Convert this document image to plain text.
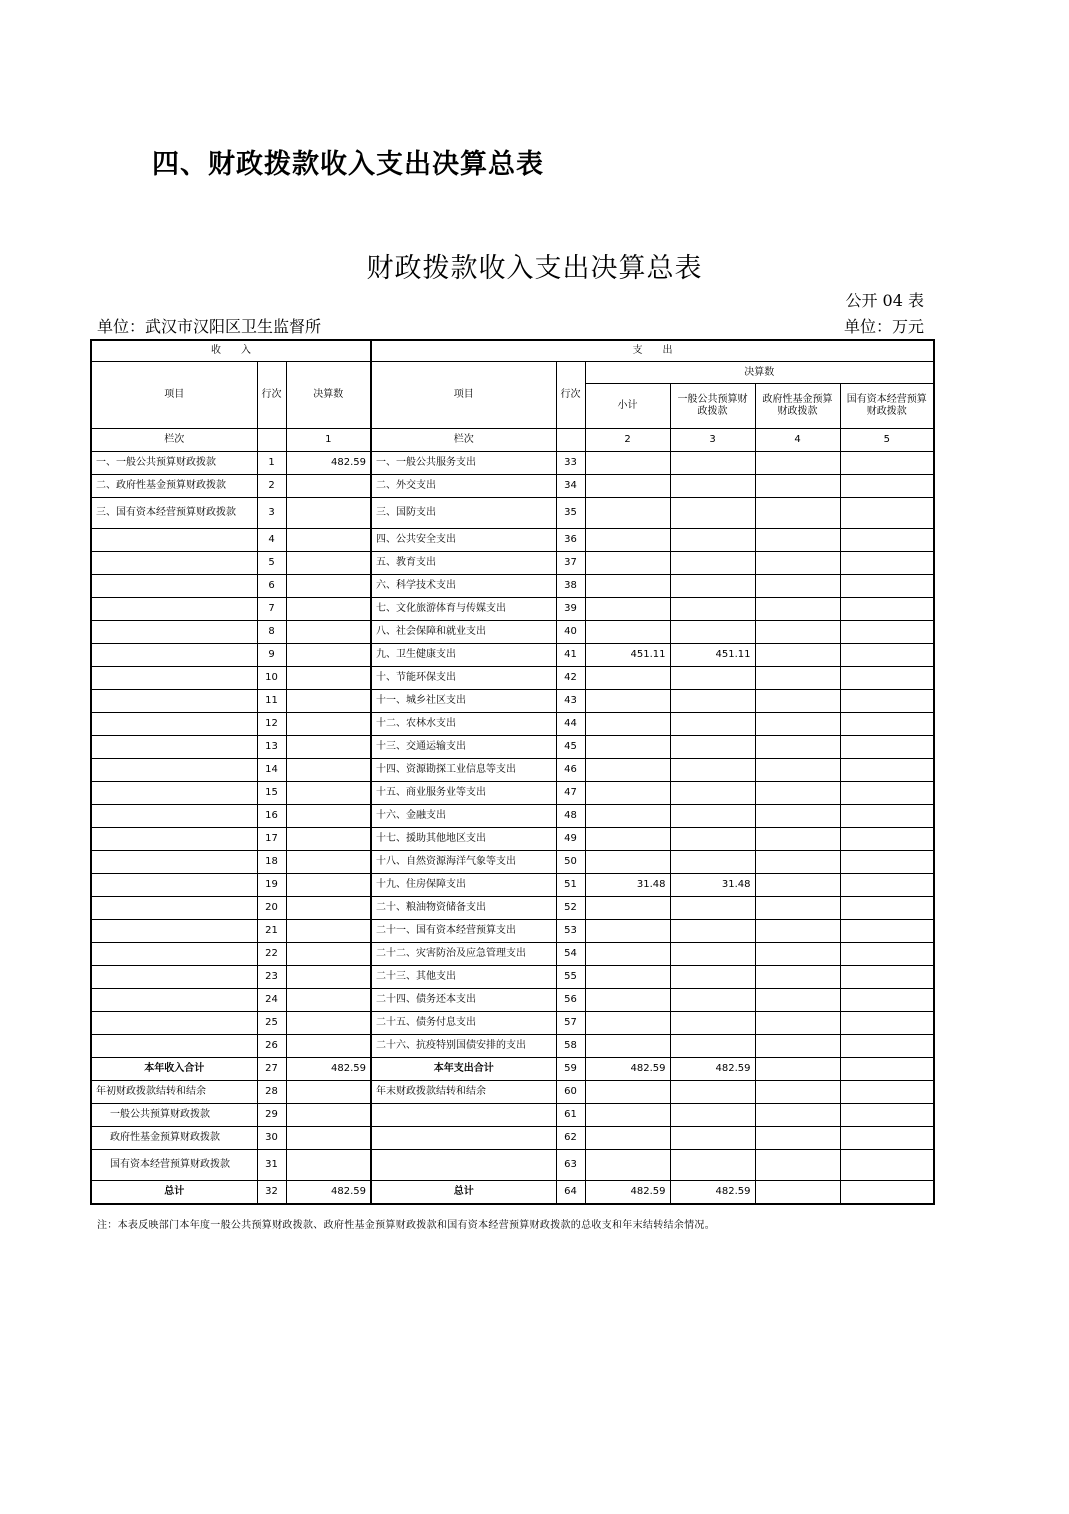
四、财政拨款收入支出决算总表
财政拨款收入支出决算总表
公开 04 表
单位：武汉市汉阳区卫生监督所	单位：万元
收　　入			支　　出					
项目	行次	决算数	项目	行次	决算数			
					小计	一般公共预算财政拨款	政府性基金预算财政拨款	国有资本经营预算财政拨款
栏次		1	栏次		2	3	4	5
一、一般公共预算财政拨款	1	482.59	一、一般公共服务支出	33				
二、政府性基金预算财政拨款	2		二、外交支出	34				
三、国有资本经营预算财政拨款	3		三、国防支出	35				
	4		四、公共安全支出	36				
	5		五、教育支出	37				
	6		六、科学技术支出	38				
	7		七、文化旅游体育与传媒支出	39				
	8		八、社会保障和就业支出	40				
	9		九、卫生健康支出	41	451.11	451.11		
	10		十、节能环保支出	42				
	11		十一、城乡社区支出	43				
	12		十二、农林水支出	44				
	13		十三、交通运输支出	45				
	14		十四、资源勘探工业信息等支出	46				
	15		十五、商业服务业等支出	47				
	16		十六、金融支出	48				
	17		十七、援助其他地区支出	49				
	18		十八、自然资源海洋气象等支出	50				
	19		十九、住房保障支出	51	31.48	31.48		
	20		二十、粮油物资储备支出	52				
	21		二十一、国有资本经营预算支出	53				
	22		二十二、灾害防治及应急管理支出	54				
	23		二十三、其他支出	55				
	24		二十四、债务还本支出	56				
	25		二十五、债务付息支出	57				
	26		二十六、抗疫特别国债安排的支出	58				
本年收入合计	27	482.59	本年支出合计	59	482.59	482.59		
年初财政拨款结转和结余	28		年末财政拨款结转和结余	60				
一般公共预算财政拨款	29			61				
政府性基金预算财政拨款	30			62				
国有资本经营预算财政拨款	31			63				
总计	32	482.59	总计	64	482.59	482.59		
注：本表反映部门本年度一般公共预算财政拨款、政府性基金预算财政拨款和国有资本经营预算财政拨款的总收支和年末结转结余情况。
